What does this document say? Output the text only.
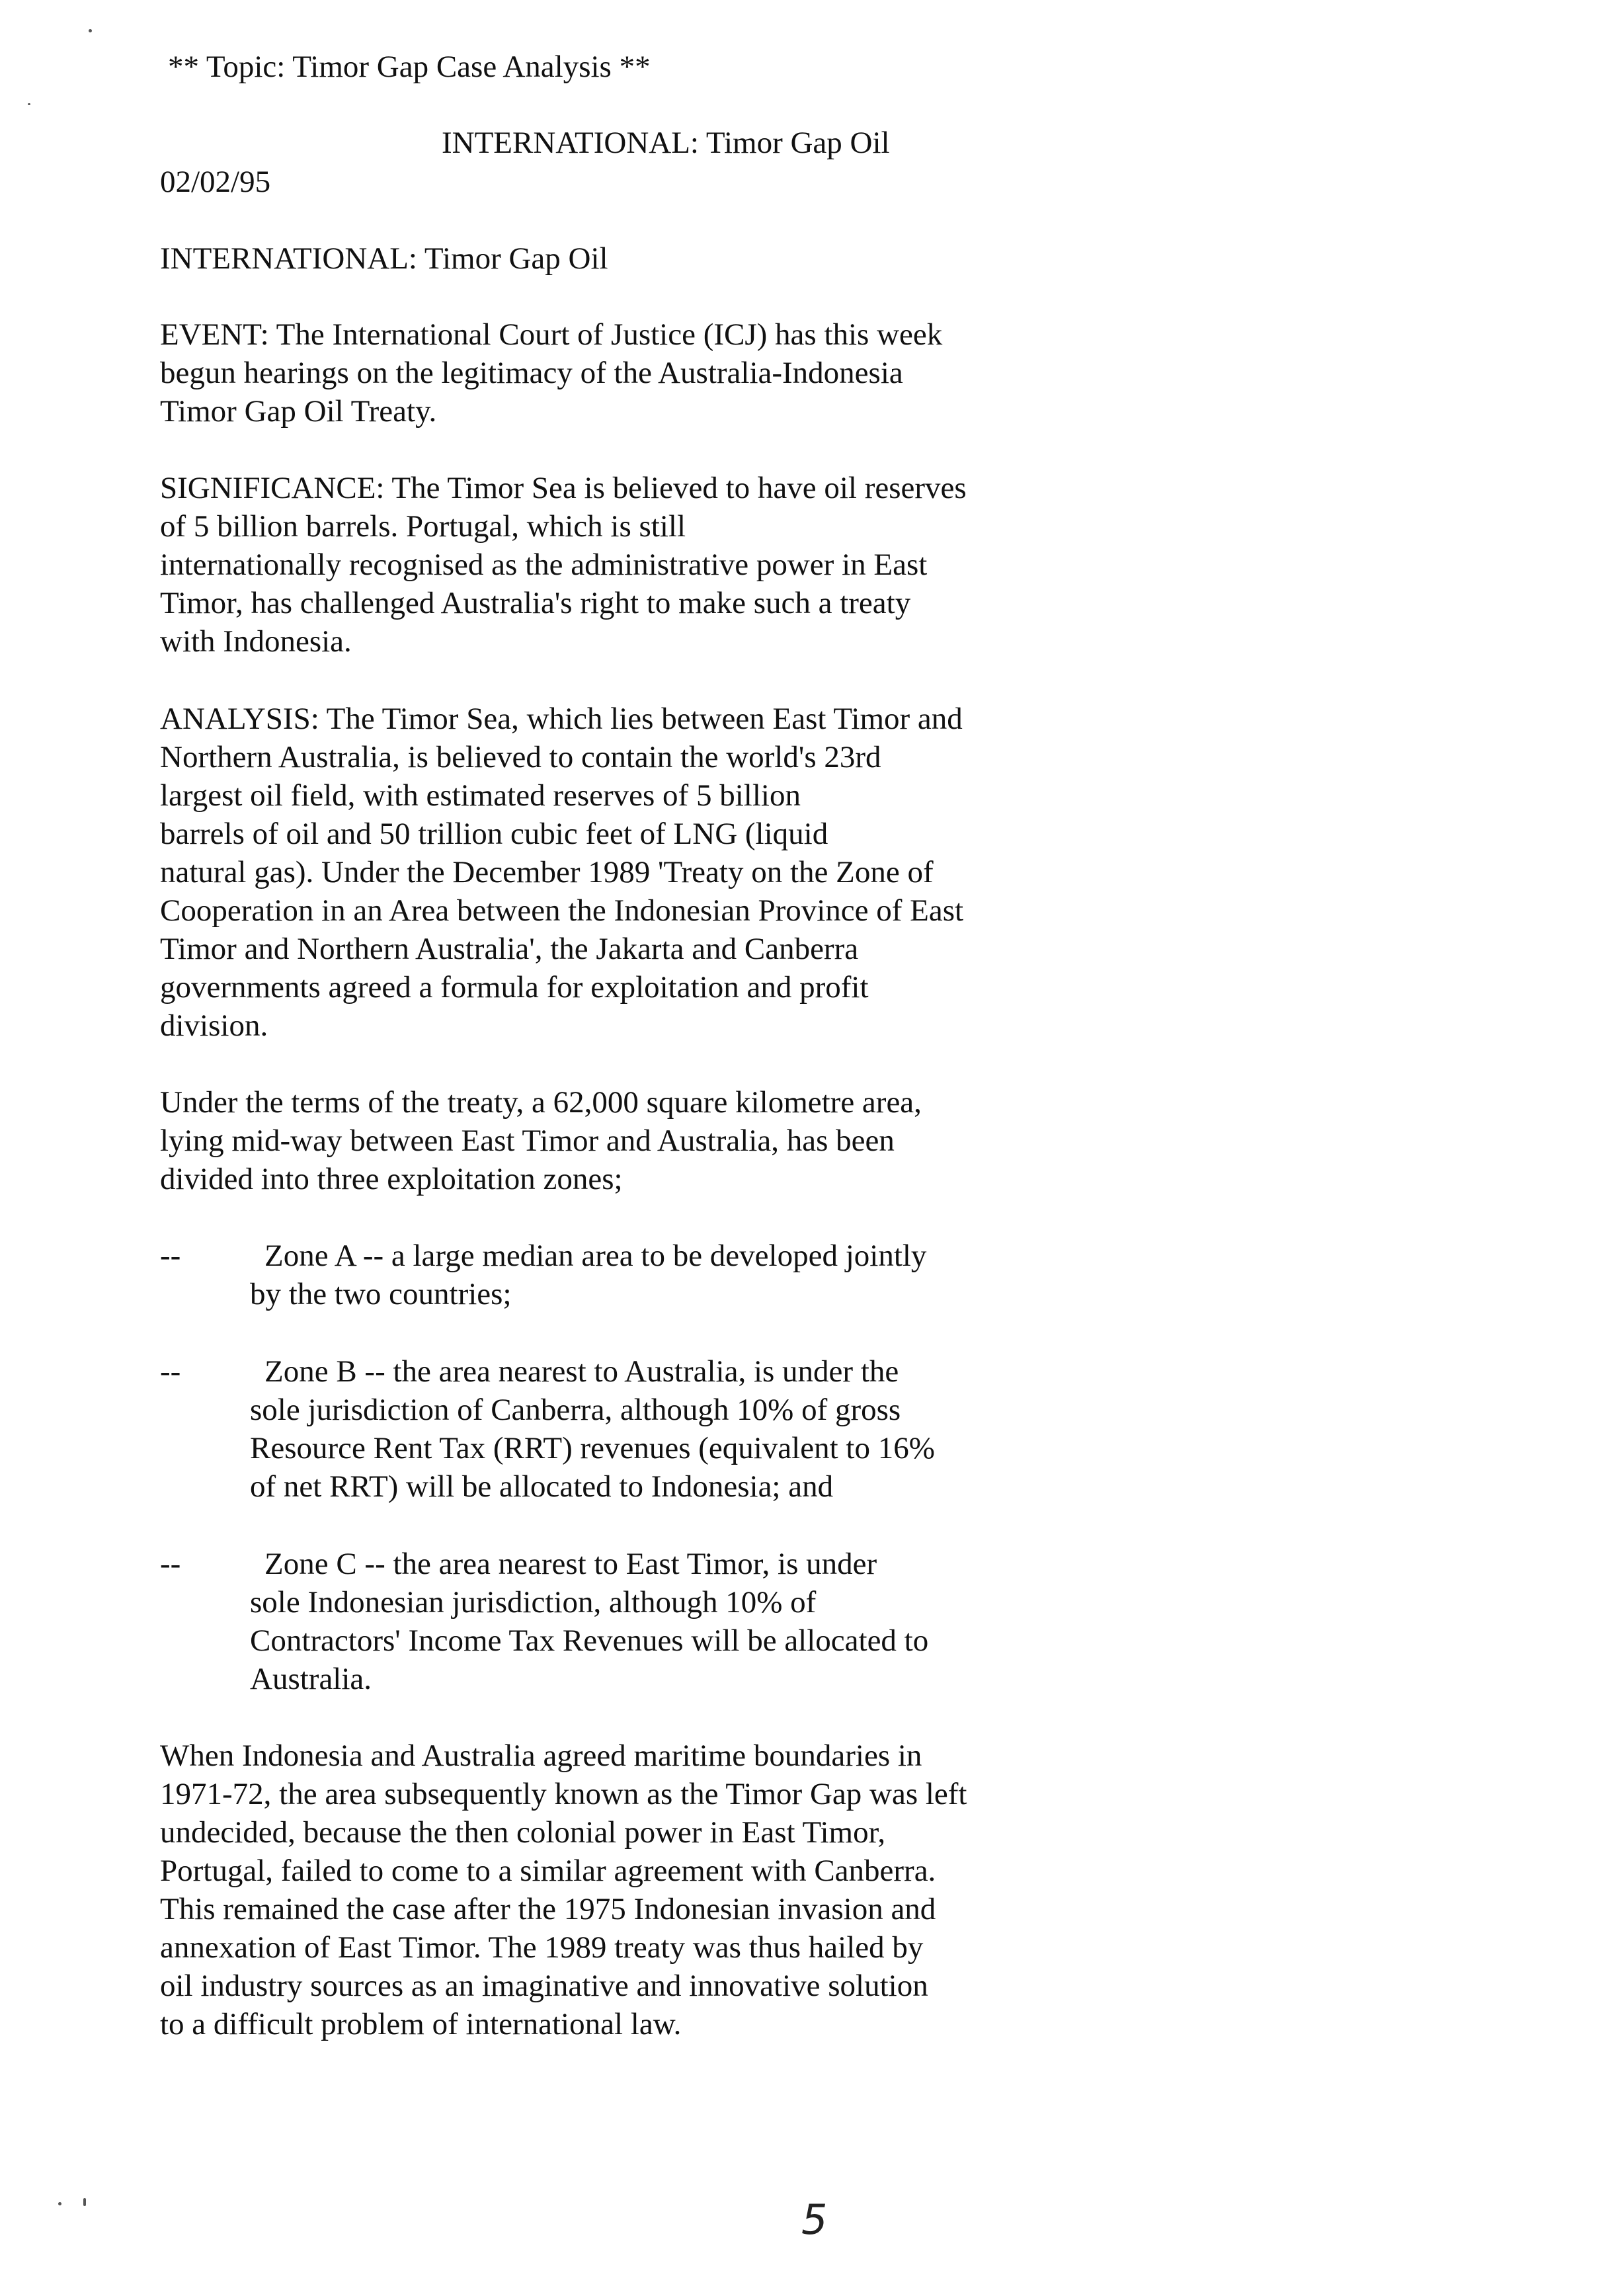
** Topic: Timor Gap Case Analysis **

INTERNATIONAL: Timor Gap Oil

02/02/95

INTERNATIONAL: Timor Gap Oil

EVENT: The International Court of Justice (ICJ) has this week

begun hearings on the legitimacy of the Australia-Indonesia

Timor Gap Oil Treaty.

SIGNIFICANCE: The Timor Sea is believed to have oil reserves

of 5 billion barrels. Portugal, which is still

internationally recognised as the administrative power in East

Timor, has challenged Australia's right to make such a treaty

with Indonesia.

ANALYSIS: The Timor Sea, which lies between East Timor and

Northern Australia, is believed to contain the world's 23rd

largest oil field, with estimated reserves of 5 billion

barrels of oil and 50 trillion cubic feet of LNG (liquid

natural gas). Under the December 1989 'Treaty on the Zone of

Cooperation in an Area between the Indonesian Province of East

Timor and Northern Australia', the Jakarta and Canberra

governments agreed a formula for exploitation and profit

division.

Under the terms of the treaty, a 62,000 square kilometre area,

lying mid-way between East Timor and Australia, has been

divided into three exploitation zones;

--	Zone A -- a large median area to be developed jointly

by the two countries;

--	Zone B -- the area nearest to Australia, is under the

sole jurisdiction of Canberra, although 10% of gross

Resource Rent Tax (RRT) revenues (equivalent to 16%

of net RRT) will be allocated to Indonesia; and

--	Zone C -- the area nearest to East Timor, is under

sole Indonesian jurisdiction, although 10% of

Contractors' Income Tax Revenues will be allocated to

Australia.

When Indonesia and Australia agreed maritime boundaries in

1971-72, the area subsequently known as the Timor Gap was left

undecided, because the then colonial power in East Timor,

Portugal, failed to come to a similar agreement with Canberra.

This remained the case after the 1975 Indonesian invasion and

annexation of East Timor. The 1989 treaty was thus hailed by

oil industry sources as an imaginative and innovative solution

to a difficult problem of international law.

5
